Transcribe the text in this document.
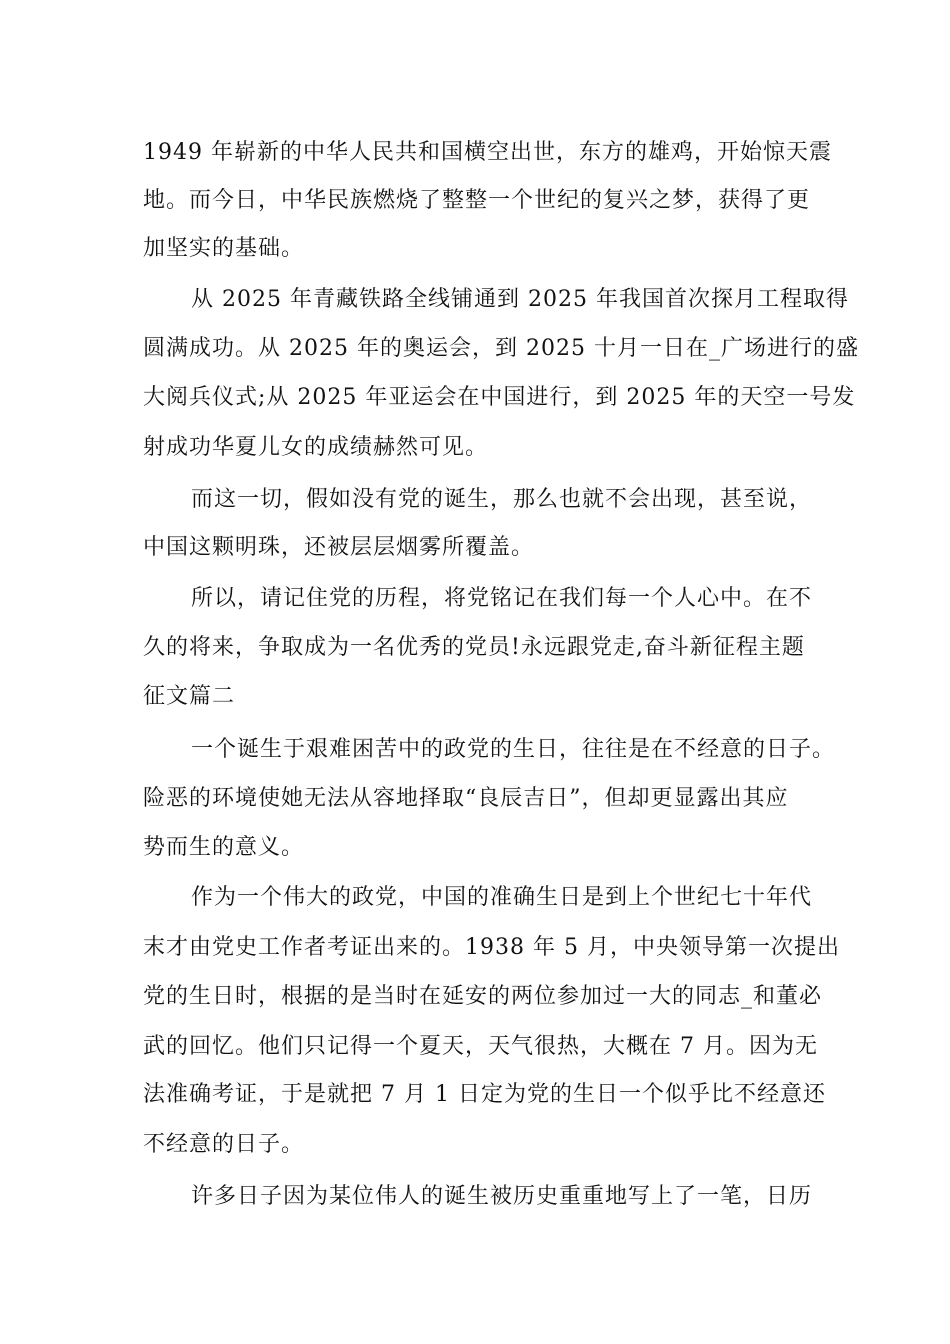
1949 年崭新的中华人民共和国横空出世，东方的雄鸡，开始惊天震
地。而今日，中华民族燃烧了整整一个世纪的复兴之梦，获得了更
加坚实的基础。
从 2025 年青藏铁路全线铺通到 2025 年我国首次探月工程取得
圆满成功。从 2025 年的奥运会，到 2025 十月一日在_广场进行的盛
大阅兵仪式;从 2025 年亚运会在中国进行，到 2025 年的天空一号发
射成功华夏儿女的成绩赫然可见。
而这一切，假如没有党的诞生，那么也就不会出现，甚至说，
中国这颗明珠，还被层层烟雾所覆盖。
所以，请记住党的历程，将党铭记在我们每一个人心中。在不
久的将来，争取成为一名优秀的党员!永远跟党走,奋斗新征程主题
征文篇二
一个诞生于艰难困苦中的政党的生日，往往是在不经意的日子。
险恶的环境使她无法从容地择取“良辰吉日”，但却更显露出其应
势而生的意义。
作为一个伟大的政党，中国的准确生日是到上个世纪七十年代
末才由党史工作者考证出来的。1938 年 5 月，中央领导第一次提出
党的生日时，根据的是当时在延安的两位参加过一大的同志_和董必
武的回忆。他们只记得一个夏天，天气很热，大概在 7 月。因为无
法准确考证，于是就把 7 月 1 日定为党的生日一个似乎比不经意还
不经意的日子。
许多日子因为某位伟人的诞生被历史重重地写上了一笔，日历
